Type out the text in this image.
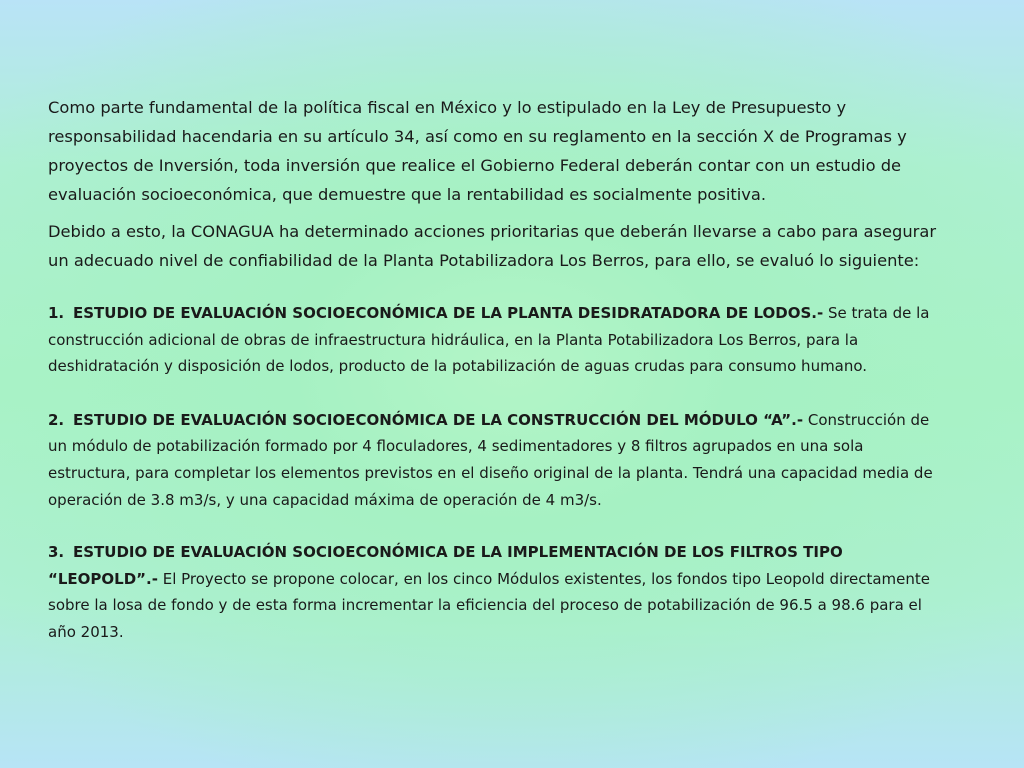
Como parte fundamental de la política fiscal en México y lo estipulado en la Ley de Presupuesto y responsabilidad hacendaria en su artículo 34, así como en su reglamento en la sección X de Programas y proyectos de Inversión, toda inversión que realice el Gobierno Federal deberán contar con un estudio de evaluación socioeconómica, que demuestre que la rentabilidad es socialmente positiva.

Debido a esto, la CONAGUA ha determinado acciones prioritarias que deberán llevarse a cabo para asegurar un adecuado nivel de confiabilidad de la Planta Potabilizadora Los Berros, para ello, se evaluó lo siguiente:

1. ESTUDIO DE EVALUACIÓN SOCIOECONÓMICA DE LA PLANTA DESIDRATADORA DE LODOS.- Se trata de la construcción adicional de obras de infraestructura hidráulica, en la Planta Potabilizadora Los Berros, para la deshidratación y disposición de lodos, producto de la potabilización de aguas crudas para consumo humano.
2. ESTUDIO DE EVALUACIÓN SOCIOECONÓMICA DE LA CONSTRUCCIÓN DEL MÓDULO “A”.- Construcción de un módulo de potabilización formado por 4 floculadores, 4 sedimentadores y 8 filtros agrupados en una sola estructura, para completar los elementos previstos en el diseño original de la planta. Tendrá una capacidad media de operación de 3.8 m3/s, y una capacidad máxima de operación de 4 m3/s.
3. ESTUDIO DE EVALUACIÓN SOCIOECONÓMICA DE LA IMPLEMENTACIÓN DE LOS FILTROS TIPO “LEOPOLD”.- El Proyecto se propone colocar, en los cinco Módulos existentes, los fondos tipo Leopold directamente sobre la losa de fondo y de esta forma incrementar la eficiencia del proceso de potabilización de 96.5 a 98.6 para el año 2013.
